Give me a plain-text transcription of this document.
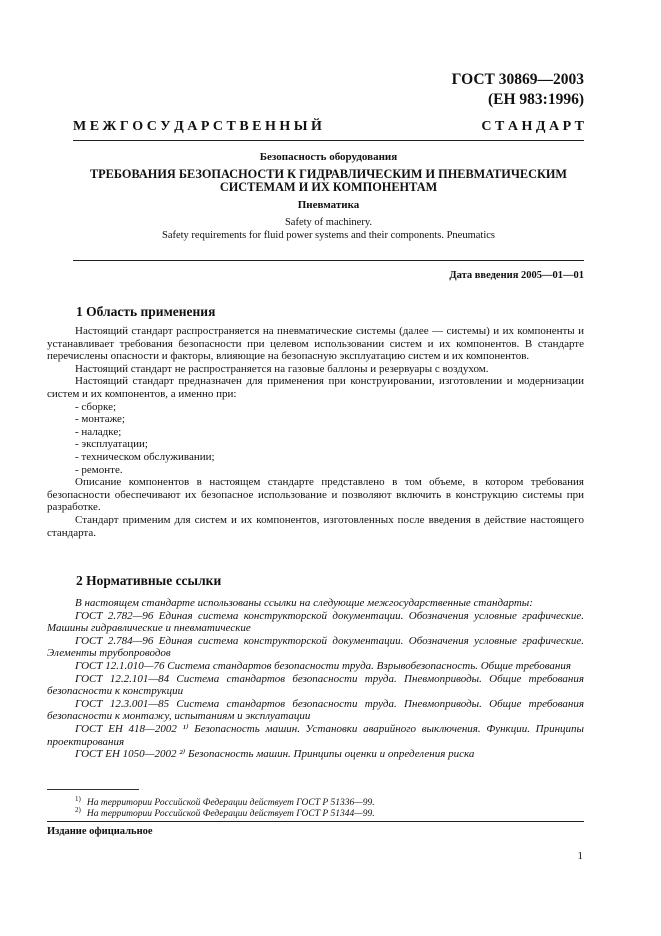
ГОСТ 30869—2003
(ЕН 983:1996)
М Е Ж Г О С У Д А Р С Т В Е Н Н Ы Й	С Т А Н Д А Р Т
Безопасность оборудования
ТРЕБОВАНИЯ БЕЗОПАСНОСТИ К ГИДРАВЛИЧЕСКИМ И ПНЕВМАТИЧЕСКИМ
СИСТЕМАМ И ИХ КОМПОНЕНТАМ
Пневматика
Safety of machinery.
Safety requirements for fluid power systems and their components. Pneumatics
Дата введения 2005—01—01
1 Область применения

Настоящий стандарт распространяется на пневматические системы (далее — системы) и их компоненты и устанавливает требования безопасности при целевом использовании систем и их компонентов. В стандарте перечислены опасности и факторы, влияющие на безопасную эксплуатацию систем и их компонентов.

Настоящий стандарт не распространяется на газовые баллоны и резервуары с воздухом.

Настоящий стандарт предназначен для применения при конструировании, изготовлении и модернизации систем и их компонентов, а именно при:

- сборке;
- монтаже;
- наладке;
- эксплуатации;
- техническом обслуживании;
- ремонте.

Описание компонентов в настоящем стандарте представлено в том объеме, в котором требования безопасности обеспечивают их безопасное использование и позволяют включить в конструкцию системы при разработке.

Стандарт применим для систем и их компонентов, изготовленных после введения в действие настоящего стандарта.

2 Нормативные ссылки

В настоящем стандарте использованы ссылки на следующие межгосударственные стандарты:

ГОСТ 2.782—96 Единая система конструкторской документации. Обозначения условные графические. Машины гидравлические и пневматические

ГОСТ 2.784—96 Единая система конструкторской документации. Обозначения условные графические. Элементы трубопроводов

ГОСТ 12.1.010—76 Система стандартов безопасности труда. Взрывобезопасность. Общие требования

ГОСТ 12.2.101—84 Система стандартов безопасности труда. Пневмоприводы. Общие требования безопасности к конструкции

ГОСТ 12.3.001—85 Система стандартов безопасности труда. Пневмоприводы. Общие требования безопасности к монтажу, испытаниям и эксплуатации

ГОСТ ЕН 418—2002 ¹⁾ Безопасность машин. Установки аварийного выключения. Функции. Принципы проектирования

ГОСТ ЕН 1050—2002 ²⁾ Безопасность машин. Принципы оценки и определения риска

$^{1)}$ На территории Российской Федерации действует ГОСТ Р 51336—99.
$^{2)}$ На территории Российской Федерации действует ГОСТ Р 51344—99.
Издание официальное
1
